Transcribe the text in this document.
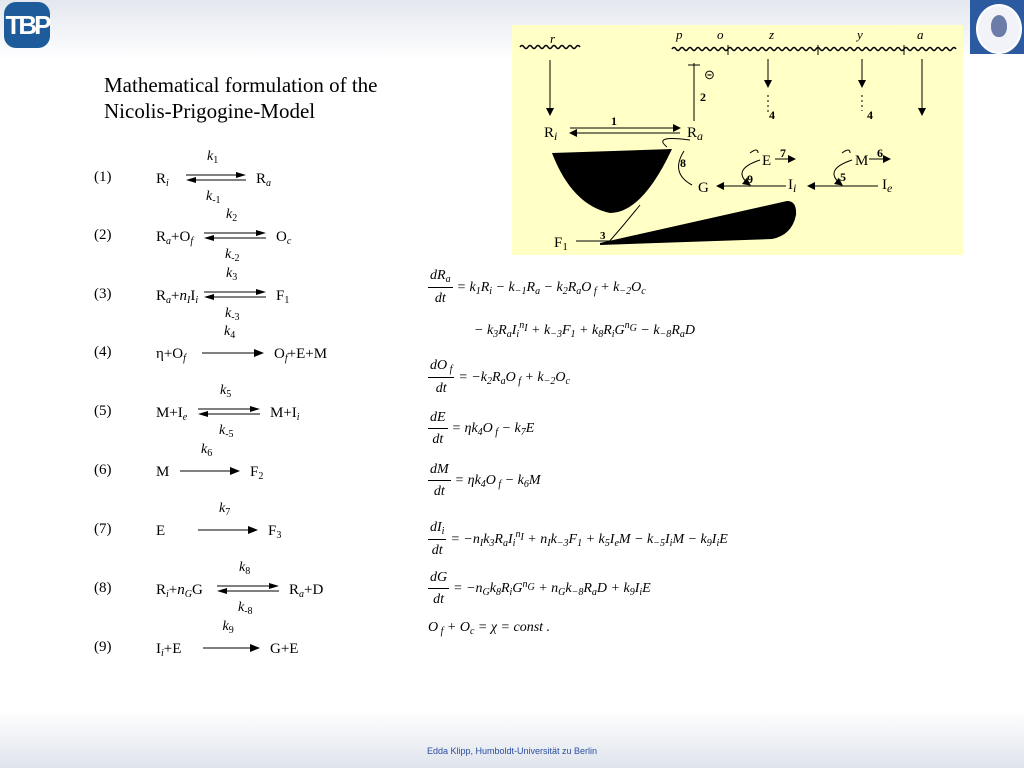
TBP
Mathematical formulation of the
Nicolis-Prigogine-Model
(1)	$R_i$
$k_1$
$k_{-1}$
$R_a$
(2)	$R_a+O_f$
$k_2$
$k_{-2}$
$O_c$
(3)	$R_a+n_II_i$
$k_3$
$k_{-3}$
$F_1$
(4)	$\eta+O_f$
$k_4$
$O_f+E+M$
(5)	$M+I_e$
$k_5$
$k_{-5}$
$M+I_i$
(6)	M
$k_6$
$F_2$
(7)	E
$k_7$
$F_3$
(8)	$R_i+n_GG$
$k_8$
$k_{-8}$
$R_a+D$
(9)	$I_i+E$
$k_9$
→ G+E
$\frac{dR_a}{dt} = k_1R_i - k_{-1}R_a - k_2R_aO$ $_f + k_{-2}O_c$
− $k_3R_aI_i^{n_I} + k_{-3}F_1 + k_8R_iG^{n_G} - k_{-8}R_aD$
$\frac{dO _f}{dt} = -k_2R_aO$ $_f + k_{-2}O_c$
$\frac{dE}{dt} = \eta k_4O$ $_f - k_7E$
$\frac{dM}{dt} = \eta k_4O$ $_f - k_6M$
$\frac{dI_i}{dt} = -n_Ik_3R_aI_i^{n_I} + n_Ik_{-3}F_1 + k_5I_eM - k_{-5}I_iM - k_9I_iE$
$\frac{dG}{dt} = -n_Gk_8R_iG^{n_G} + n_Gk_{-8}R_aD + k_9I_iE$
O $_f + O_c = \chi$ = const .
r	p	o	z	y	a
⊝
2
$R_i$	$R_a$
1
8	E	M
4	4
7	6
9	5
G	$I_i$	$I_e$
$F_1$
3
Edda Klipp, Humboldt-Universität zu Berlin
